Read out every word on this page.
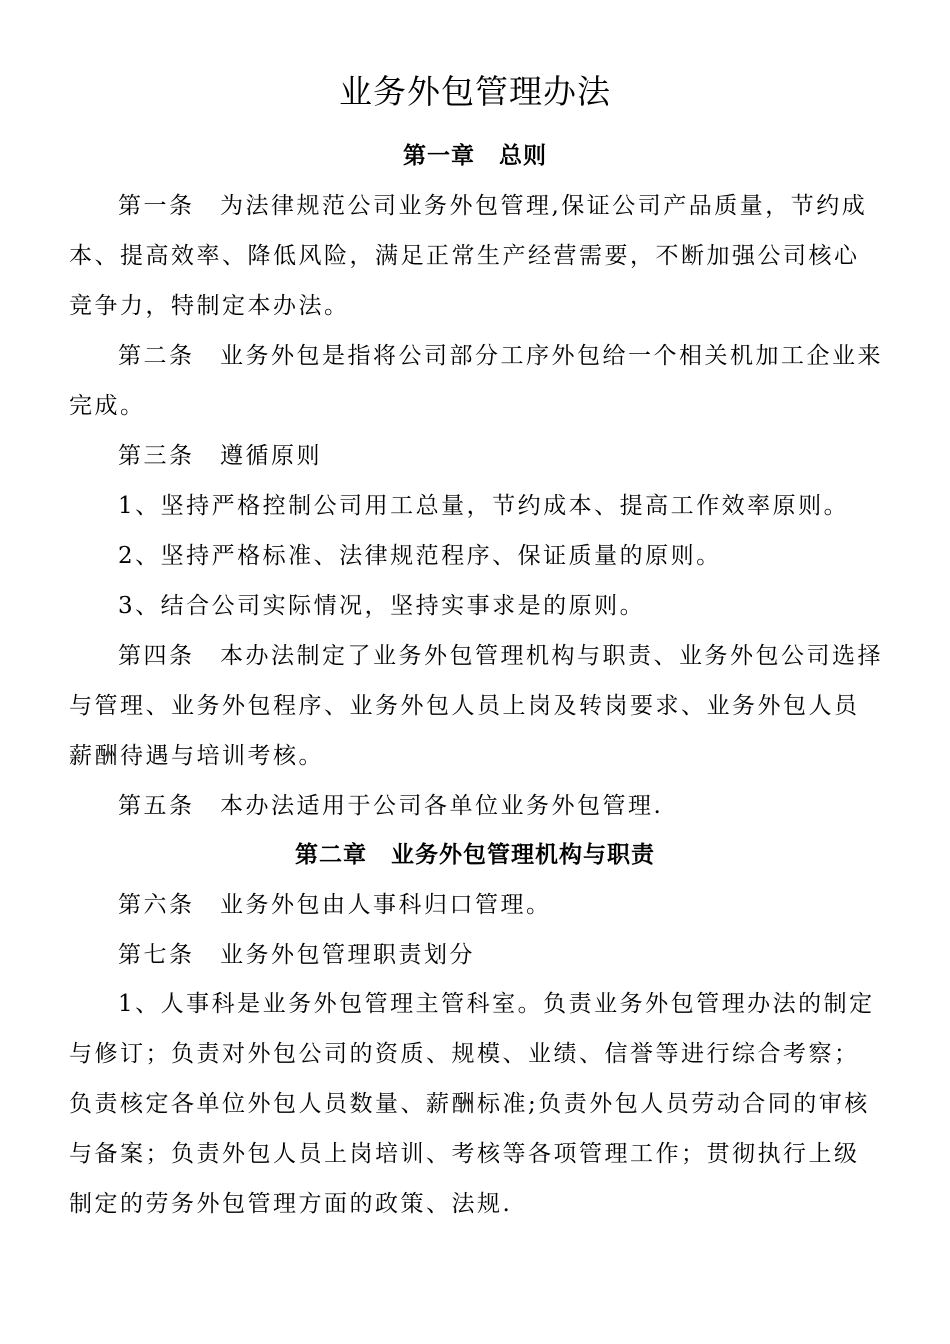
业务外包管理办法
第一章　总则
第一条　为法律规范公司业务外包管理,保证公司产品质量，节约成
本、提高效率、降低风险，满足正常生产经营需要，不断加强公司核心
竞争力，特制定本办法。
第二条　业务外包是指将公司部分工序外包给一个相关机加工企业来
完成。
第三条　遵循原则
1、坚持严格控制公司用工总量，节约成本、提高工作效率原则。
2、坚持严格标准、法律规范程序、保证质量的原则。
3、结合公司实际情况，坚持实事求是的原则。
第四条　本办法制定了业务外包管理机构与职责、业务外包公司选择
与管理、业务外包程序、业务外包人员上岗及转岗要求、业务外包人员
薪酬待遇与培训考核。
第五条　本办法适用于公司各单位业务外包管理.
第二章　业务外包管理机构与职责
第六条　业务外包由人事科归口管理。
第七条　业务外包管理职责划分
1、人事科是业务外包管理主管科室。负责业务外包管理办法的制定
与修订；负责对外包公司的资质、规模、业绩、信誉等进行综合考察；
负责核定各单位外包人员数量、薪酬标准;负责外包人员劳动合同的审核
与备案；负责外包人员上岗培训、考核等各项管理工作；贯彻执行上级
制定的劳务外包管理方面的政策、法规.
